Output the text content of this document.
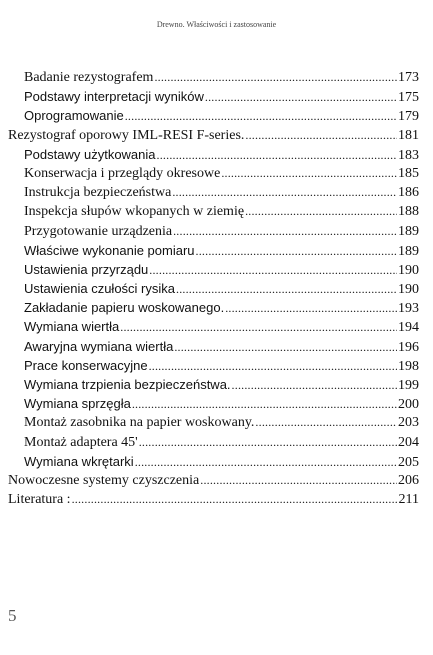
Drewno. Właściwości i zastosowanie
Badanie rezystografem .....	173
Podstawy interpretacji wyników .....	175
Oprogramowanie .....	179
Rezystograf oporowy IML-RESI F-series. .....	181
Podstawy użytkowania .....	183
Konserwacja i przeglądy okresowe .....	185
Instrukcja bezpieczeństwa .....	186
Inspekcja słupów wkopanych w ziemię .....	188
Przygotowanie urządzenia .....	189
Właściwe wykonanie pomiaru .....	189
Ustawienia przyrządu .....	190
Ustawienia czułości rysika .....	190
Zakładanie papieru woskowanego. .....	193
Wymiana wiertła .....	194
Awaryjna wymiana wiertła .....	196
Prace konserwacyjne .....	198
Wymiana trzpienia bezpieczeństwa. .....	199
Wymiana sprzęgła .....	200
Montaż zasobnika na papier woskowany. .....	203
Montaż adaptera 45' .....	204
Wymiana wkrętarki .....	205
Nowoczesne systemy czyszczenia .....	206
Literatura : .....	211
5
